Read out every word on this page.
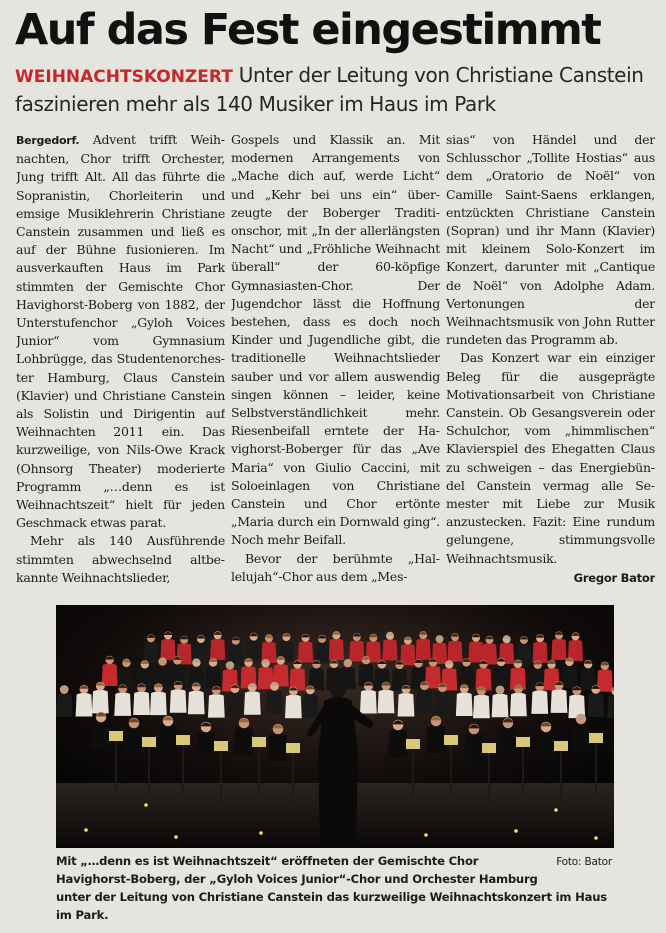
Auf das Fest eingestimmt

WEIHNACHTSKONZERT Unter der Leitung von Christiane Canstein faszinieren mehr als 140 Musiker im Haus im Park

Bergedorf. Advent trifft Weihnachten, Chor trifft Orchester, Jung trifft Alt. All das führte die Sopranistin, Chorleiterin und emsige Musiklehrerin Christiane Canstein zusammen und ließ es auf der Bühne fusionieren. Im ausverkauften Haus im Park stimmten der Gemischte Chor Havighorst-Boberg von 1882, der Unterstufenchor „Gyloh Voices Junior“ vom Gymnasium Lohbrügge, das Studentenorchester Hamburg, Claus Canstein (Klavier) und Christiane Canstein als Solistin und Dirigentin auf Weihnachten 2011 ein. Das kurzweilige, von Nils-Owe Krack (Ohnsorg Theater) moderierte Programm „…denn es ist Weihnachtszeit“ hielt für jeden Geschmack etwas parat.

Mehr als 140 Ausführende stimmten abwechselnd altbekannte Weihnachtslieder,

Gospels und Klassik an. Mit modernen Arrangements von „Mache dich auf, werde Licht“ und „Kehr bei uns ein“ überzeugte der Boberger Traditionschor, mit „In der allerlängsten Nacht“ und „Fröhliche Weihnacht überall“ der 60-köpfige Gymnasiasten-Chor. Der Jugendchor lässt die Hoffnung bestehen, dass es doch noch Kinder und Jugendliche gibt, die traditionelle Weihnachtslieder sauber und vor allem auswendig singen können – leider, keine Selbstverständlichkeit mehr. Riesenbeifall erntete der Havighorst-Boberger für das „Ave Maria“ von Giulio Caccini, mit Soloeinlagen von Christiane Canstein und Chor ertönte „Maria durch ein Dornwald ging“. Noch mehr Beifall.

Bevor der berühmte „Hallelujah“-Chor aus dem „Mes-

sias“ von Händel und der Schlusschor „Tollite Hostias“ aus dem „Oratorio de Noël“ von Camille Saint-Saens erklangen, entzückten Christiane Canstein (Sopran) und ihr Mann (Klavier) mit kleinem Solo-Konzert im Konzert, darunter mit „Cantique de Noël“ von Adolphe Adam. Vertonungen der Weihnachtsmusik von John Rutter rundeten das Programm ab.

Das Konzert war ein einziger Beleg für die ausgeprägte Motivationsarbeit von Christiane Canstein. Ob Gesangsverein oder Schulchor, vom „himmlischen“ Klavierspiel des Ehegatten Claus zu schweigen – das Energiebündel Canstein vermag alle Semester mit Liebe zur Musik anzustecken. Fazit: Eine rundum gelungene, stimmungsvolle Weihnachtsmusik.

Gregor Bator

Foto: Bator
Mit „…denn es ist Weihnachtszeit“ eröffneten der Gemischte Chor Havighorst-Boberg, der „Gyloh Voices Junior“-Chor und Orchester Hamburg unter der Leitung von Christiane Canstein das kurzweilige Weihnachtskonzert im Haus im Park.
